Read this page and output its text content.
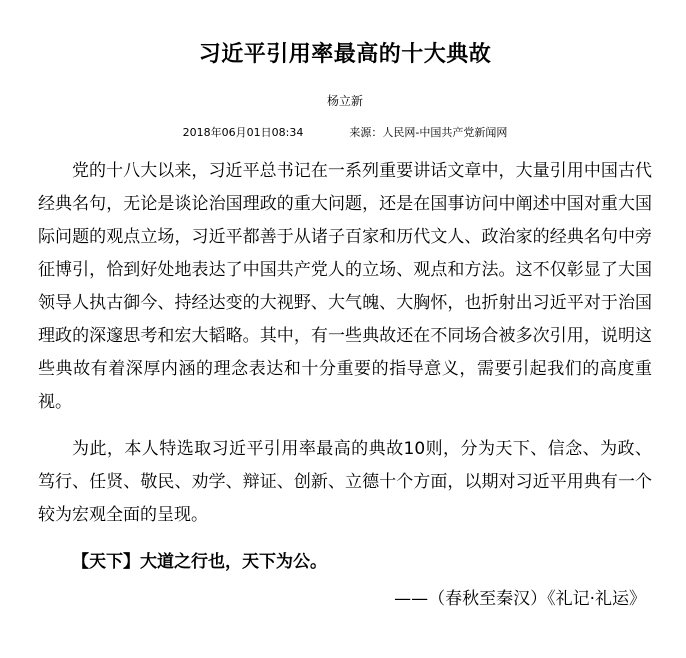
习近平引用率最高的十大典故
杨立新
2018年06月01日08:34	来源：人民网-中国共产党新闻网

党的十八大以来，习近平总书记在一系列重要讲话文章中，大量引用中国古代经典名句，无论是谈论治国理政的重大问题，还是在国事访问中阐述中国对重大国际问题的观点立场，习近平都善于从诸子百家和历代文人、政治家的经典名句中旁征博引，恰到好处地表达了中国共产党人的立场、观点和方法。这不仅彰显了大国领导人执古御今、持经达变的大视野、大气魄、大胸怀，也折射出习近平对于治国理政的深邃思考和宏大韬略。其中，有一些典故还在不同场合被多次引用，说明这些典故有着深厚内涵的理念表达和十分重要的指导意义，需要引起我们的高度重视。

为此，本人特选取习近平引用率最高的典故10则，分为天下、信念、为政、笃行、任贤、敬民、劝学、辩证、创新、立德十个方面，以期对习近平用典有一个较为宏观全面的呈现。

【天下】大道之行也，天下为公。

——（春秋至秦汉）《礼记·礼运》
